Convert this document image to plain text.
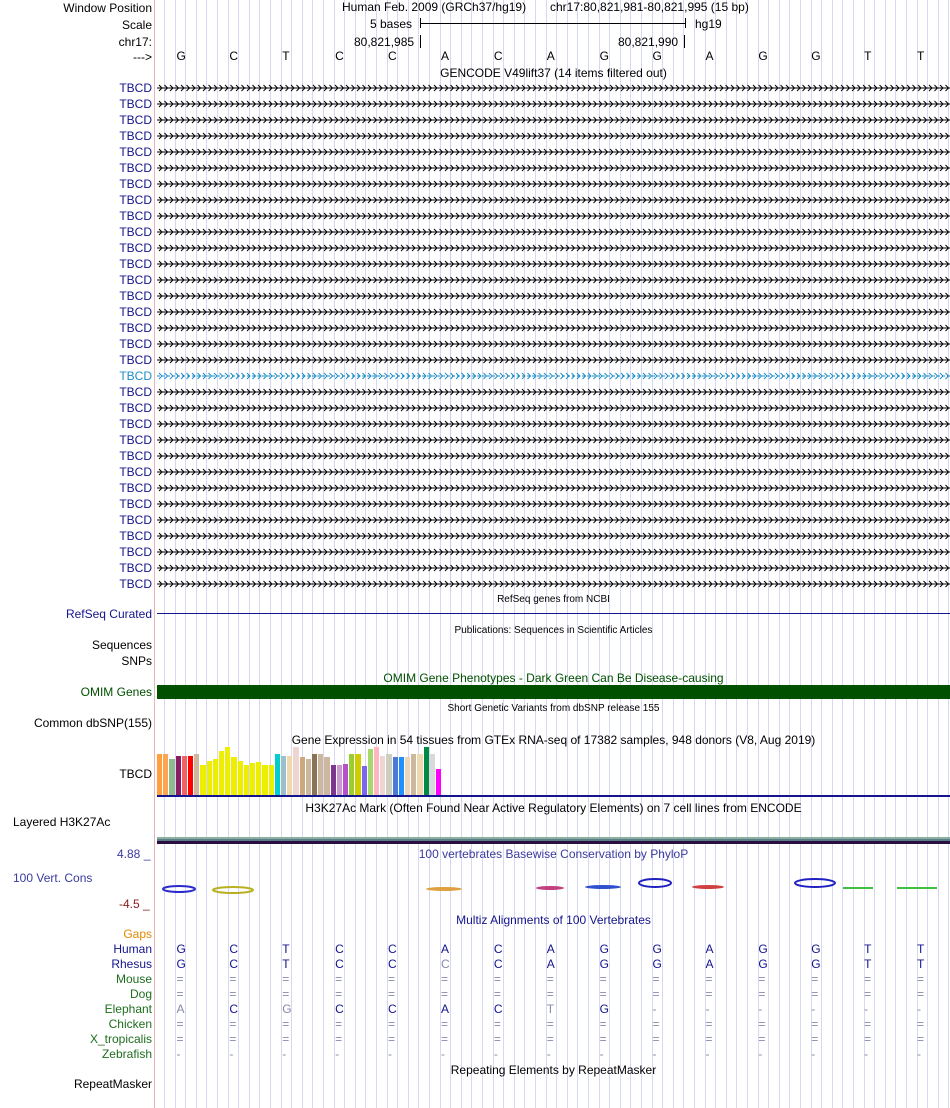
Window Position
Scale
chr17:
--->
Human Feb. 2009 (GRCh37/hg19) chr17:80,821,981-80,821,995 (15 bp)
5 bases	hg19
80,821,985	80,821,990
G	C	T	C	C	A	C	A	G	G	A	G	G	T	T
GENCODE V49lift37 (14 items filtered out)
TBCD
TBCD
TBCD
TBCD
TBCD
TBCD
TBCD
TBCD
TBCD
TBCD
TBCD
TBCD
TBCD
TBCD
TBCD
TBCD
TBCD
TBCD
TBCD
TBCD
TBCD
TBCD
TBCD
TBCD
TBCD
TBCD
TBCD
TBCD
TBCD
TBCD
TBCD
TBCD
RefSeq genes from NCBI
RefSeq Curated
Publications: Sequences in Scientific Articles
Sequences
SNPs
OMIM Gene Phenotypes - Dark Green Can Be Disease-causing
OMIM Genes
Short Genetic Variants from dbSNP release 155
Common dbSNP(155)
Gene Expression in 54 tissues from GTEx RNA-seq of 17382 samples, 948 donors (V8, Aug 2019)
TBCD
H3K27Ac Mark (Often Found Near Active Regulatory Elements) on 7 cell lines from ENCODE
Layered H3K27Ac
100 vertebrates Basewise Conservation by PhyloP
4.88 _
100 Vert. Cons
-4.5 _
Multiz Alignments of 100 Vertebrates
Gaps
Human G	C	T	C	C	A	C	A	G	G	A	G	G	T	T
Rhesus G	C	T	C	C	C	C	A	G	G	A	G	G	T	T
Mouse =	=	=	=	=	=	=	=	=	=	=	=	=	=	=
Dog =	=	=	=	=	=	=	=	=	=	=	=	=	=	=
Elephant A	C	G	C	C	A	C	T	G	-	-	-	-	-	-
Chicken =	=	=	=	=	=	=	=	=	=	=	=	=	=	=
X_tropicalis =	=	=	=	=	=	=	=	=	=	=	=	=	=	=
Zebrafish -	-	-	-	-	-	-	-	-	-	-	-	-	-	-
Repeating Elements by RepeatMasker
RepeatMasker
